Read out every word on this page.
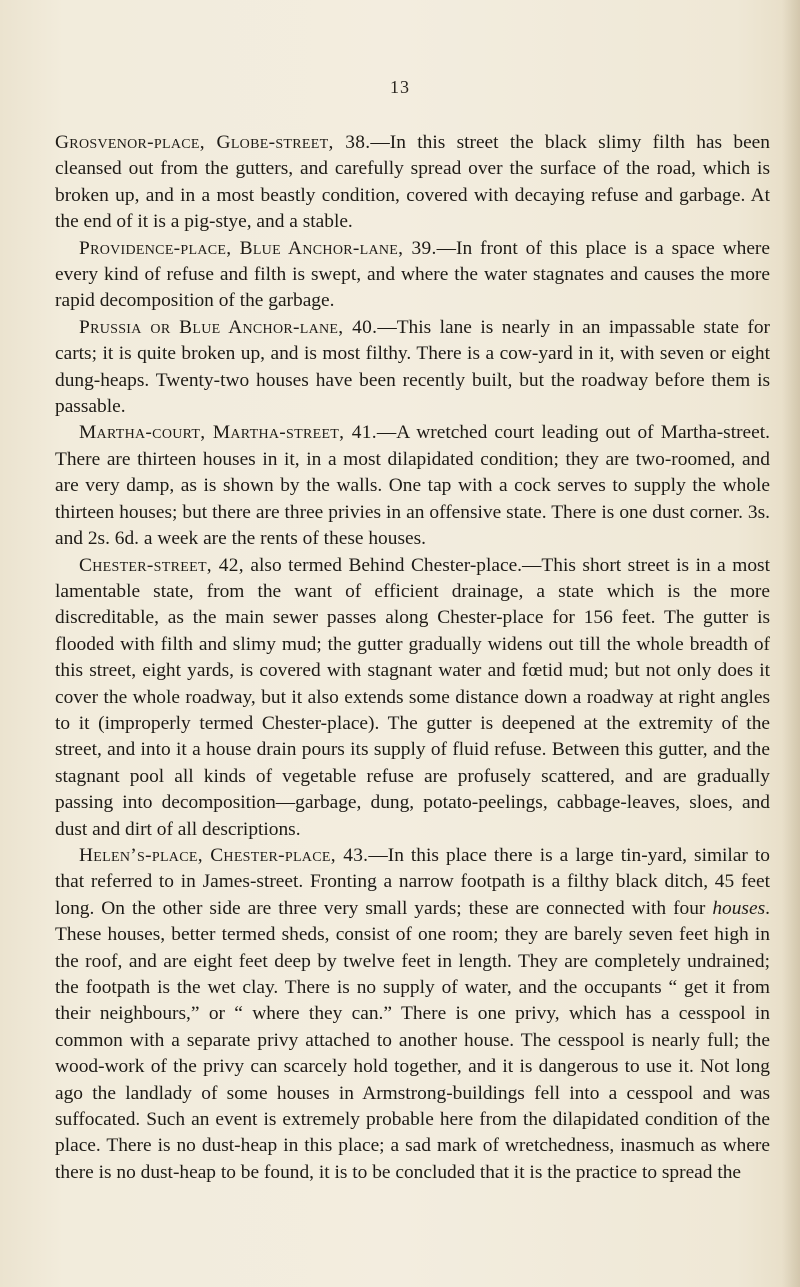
13

Grosvenor-place, Globe-street, 38.—In this street the black slimy filth has been cleansed out from the gutters, and carefully spread over the surface of the road, which is broken up, and in a most beastly condition, covered with decaying refuse and garbage. At the end of it is a pig-stye, and a stable.

Providence-place, Blue Anchor-lane, 39.—In front of this place is a space where every kind of refuse and filth is swept, and where the water stagnates and causes the more rapid decomposition of the garbage.

Prussia or Blue Anchor-lane, 40.—This lane is nearly in an impassable state for carts; it is quite broken up, and is most filthy. There is a cow-yard in it, with seven or eight dung-heaps. Twenty-two houses have been recently built, but the roadway before them is passable.

Martha-court, Martha-street, 41.—A wretched court leading out of Martha-street. There are thirteen houses in it, in a most dilapidated condition; they are two-roomed, and are very damp, as is shown by the walls. One tap with a cock serves to supply the whole thirteen houses; but there are three privies in an offensive state. There is one dust corner. 3s. and 2s. 6d. a week are the rents of these houses.

Chester-street, 42, also termed Behind Chester-place.—This short street is in a most lamentable state, from the want of efficient drainage, a state which is the more discreditable, as the main sewer passes along Chester-place for 156 feet. The gutter is flooded with filth and slimy mud; the gutter gradually widens out till the whole breadth of this street, eight yards, is covered with stagnant water and fœtid mud; but not only does it cover the whole roadway, but it also extends some distance down a roadway at right angles to it (improperly termed Chester-place). The gutter is deepened at the extremity of the street, and into it a house drain pours its supply of fluid refuse. Between this gutter, and the stagnant pool all kinds of vegetable refuse are profusely scattered, and are gradually passing into decomposition—garbage, dung, potato-peelings, cabbage-leaves, sloes, and dust and dirt of all descriptions.

Helen’s-place, Chester-place, 43.—In this place there is a large tin-yard, similar to that referred to in James-street. Fronting a narrow footpath is a filthy black ditch, 45 feet long. On the other side are three very small yards; these are connected with four houses. These houses, better termed sheds, consist of one room; they are barely seven feet high in the roof, and are eight feet deep by twelve feet in length. They are completely undrained; the footpath is the wet clay. There is no supply of water, and the occupants “ get it from their neighbours,” or “ where they can.” There is one privy, which has a cesspool in common with a separate privy attached to another house. The cesspool is nearly full; the wood-work of the privy can scarcely hold together, and it is dangerous to use it. Not long ago the landlady of some houses in Armstrong-buildings fell into a cesspool and was suffocated. Such an event is extremely probable here from the dilapidated condition of the place. There is no dust-heap in this place; a sad mark of wretchedness, inasmuch as where there is no dust-heap to be found, it is to be concluded that it is the practice to spread the
